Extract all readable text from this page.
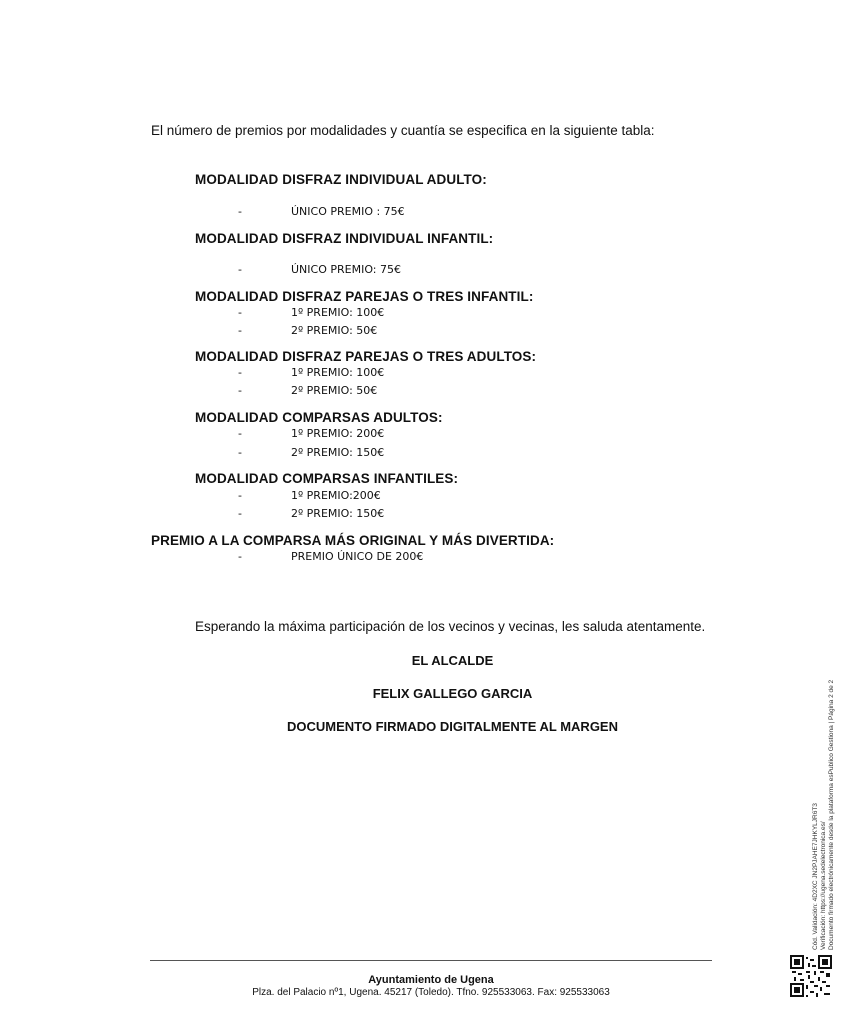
El número de premios por modalidades y cuantía se especifica en la siguiente tabla:
MODALIDAD DISFRAZ INDIVIDUAL ADULTO:
-	ÚNICO PREMIO : 75€
MODALIDAD DISFRAZ INDIVIDUAL INFANTIL:
-	ÚNICO PREMIO: 75€
MODALIDAD DISFRAZ PAREJAS O TRES INFANTIL:
-	1º PREMIO: 100€
-	2º PREMIO: 50€
MODALIDAD DISFRAZ PAREJAS O TRES ADULTOS:
-	1º PREMIO: 100€
-	2º PREMIO: 50€
MODALIDAD COMPARSAS ADULTOS:
-	1º PREMIO: 200€
-	2º PREMIO: 150€
MODALIDAD COMPARSAS INFANTILES:
-	1º PREMIO:200€
-	2º PREMIO: 150€
PREMIO A LA COMPARSA MÁS ORIGINAL Y MÁS DIVERTIDA:
-	PREMIO ÚNICO DE 200€
Esperando la máxima participación de los vecinos y vecinas, les saluda atentamente.
EL ALCALDE
FELIX GALLEGO GARCIA
DOCUMENTO FIRMADO DIGITALMENTE AL MARGEN
Ayuntamiento de Ugena
Plza. del Palacio nº1, Ugena. 45217 (Toledo). Tfno. 925533063. Fax: 925533063
Cód. Validación: 4D2XC JN2PJAHE7JHKYLJR6T3 Verificación: https://ugena.sedelectronica.es/ Documento firmado electrónicamente desde la plataforma esPublico Gestiona | Página 2 de 2
